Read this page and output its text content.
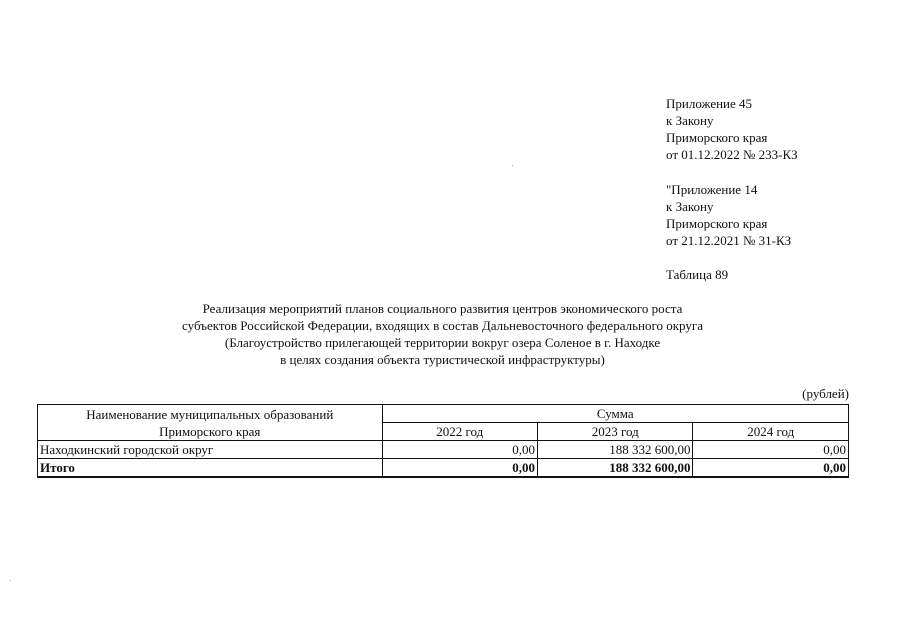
Приложение 45
к Закону
Приморского края
от 01.12.2022 № 233-КЗ
"Приложение 14
к Закону
Приморского края
от 21.12.2021 № 31-КЗ
Таблица 89
Реализация мероприятий планов социального развития центров экономического роста
субъектов Российской Федерации, входящих в состав Дальневосточного федерального округа
(Благоустройство прилегающей территории вокруг озера Соленое в г. Находке
в целях создания объекта туристической инфраструктуры)
(рублей)
Наименование муниципальных образований Приморского края	Сумма		
	2022 год	2023 год	2024 год
Находкинский городской округ	0,00	188 332 600,00	0,00
Итого	0,00	188 332 600,00	0,00
